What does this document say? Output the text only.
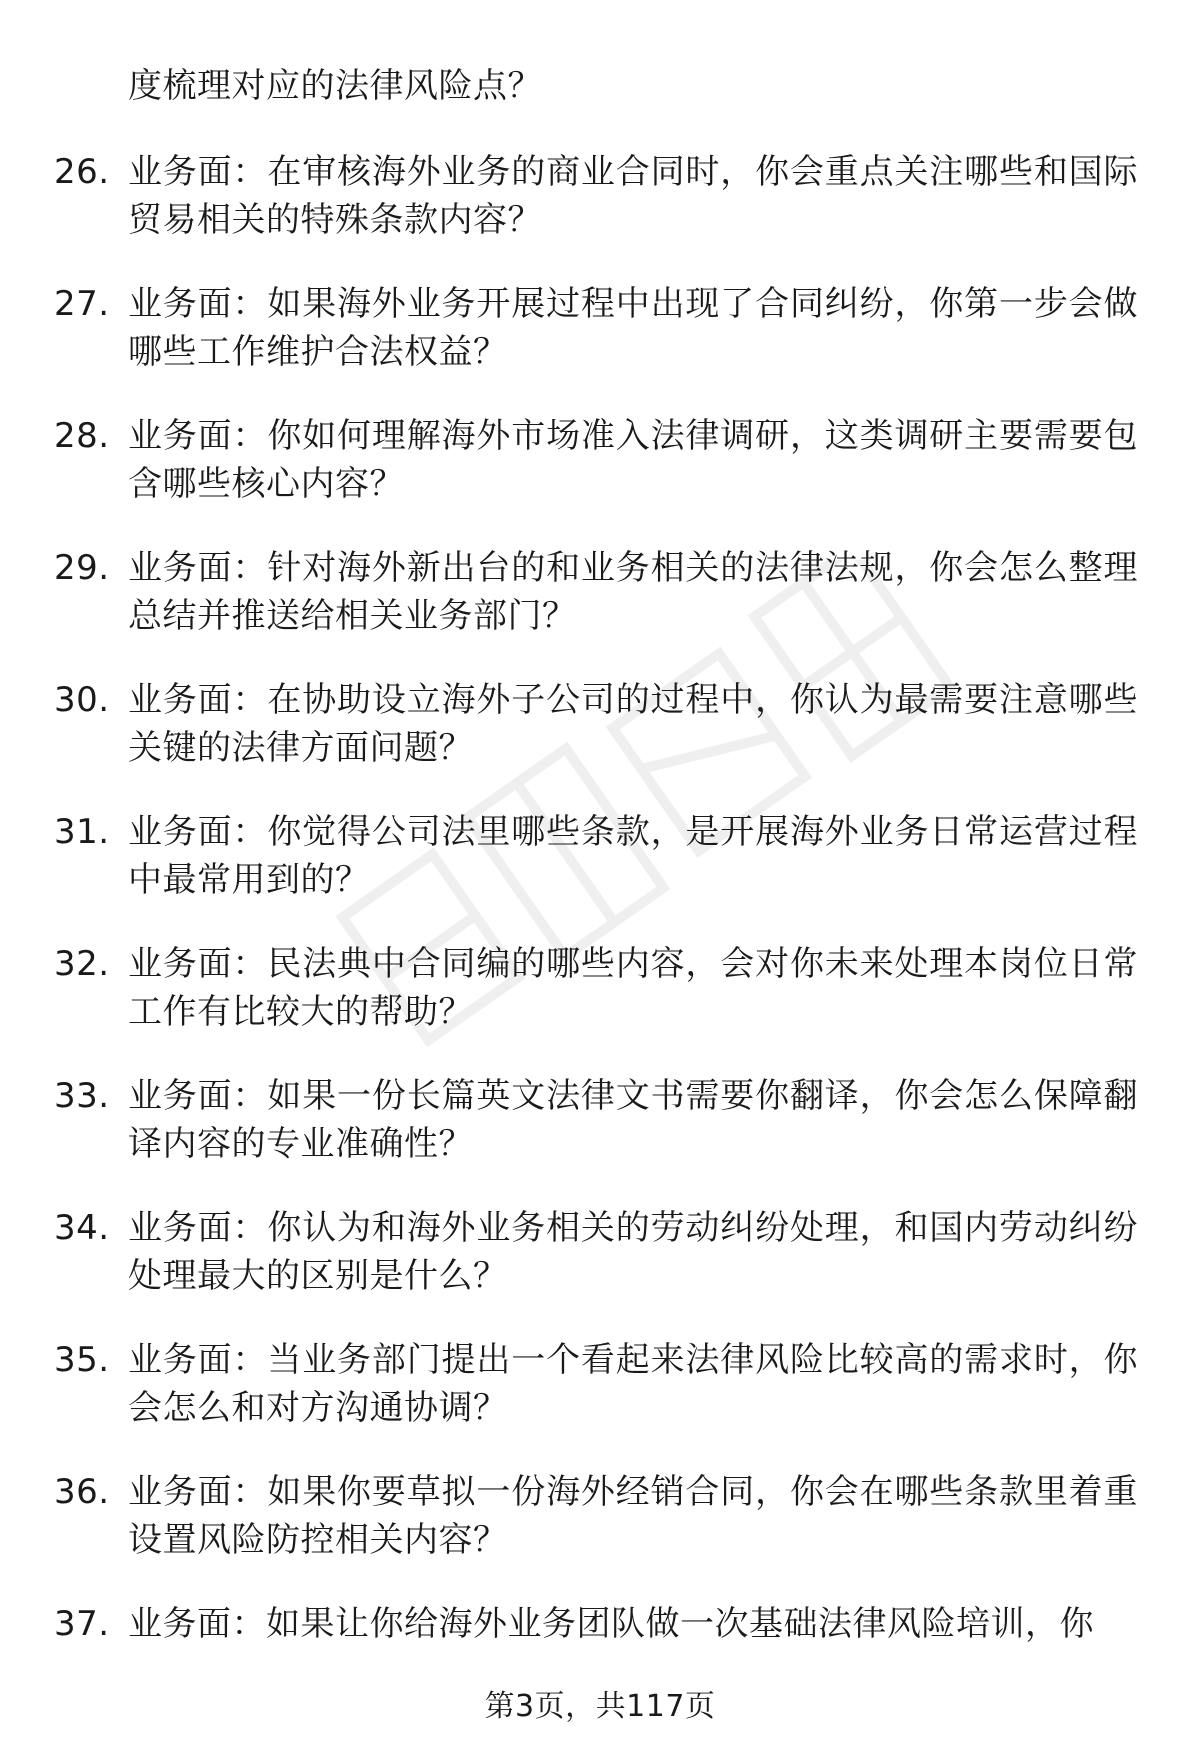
度梳理对应的法律风险点？
26. 业务面：在审核海外业务的商业合同时，你会重点关注哪些和国际贸易相关的特殊条款内容？
27. 业务面：如果海外业务开展过程中出现了合同纠纷，你第一步会做哪些工作维护合法权益？
28. 业务面：你如何理解海外市场准入法律调研，这类调研主要需要包含哪些核心内容？
29. 业务面：针对海外新出台的和业务相关的法律法规，你会怎么整理总结并推送给相关业务部门？
30. 业务面：在协助设立海外子公司的过程中，你认为最需要注意哪些关键的法律方面问题？
31. 业务面：你觉得公司法里哪些条款，是开展海外业务日常运营过程中最常用到的？
32. 业务面：民法典中合同编的哪些内容，会对你未来处理本岗位日常工作有比较大的帮助？
33. 业务面：如果一份长篇英文法律文书需要你翻译，你会怎么保障翻译内容的专业准确性？
34. 业务面：你认为和海外业务相关的劳动纠纷处理，和国内劳动纠纷处理最大的区别是什么？
35. 业务面：当业务部门提出一个看起来法律风险比较高的需求时，你会怎么和对方沟通协调？
36. 业务面：如果你要草拟一份海外经销合同，你会在哪些条款里着重设置风险防控相关内容？
37. 业务面：如果让你给海外业务团队做一次基础法律风险培训，你
第3页，共117页
